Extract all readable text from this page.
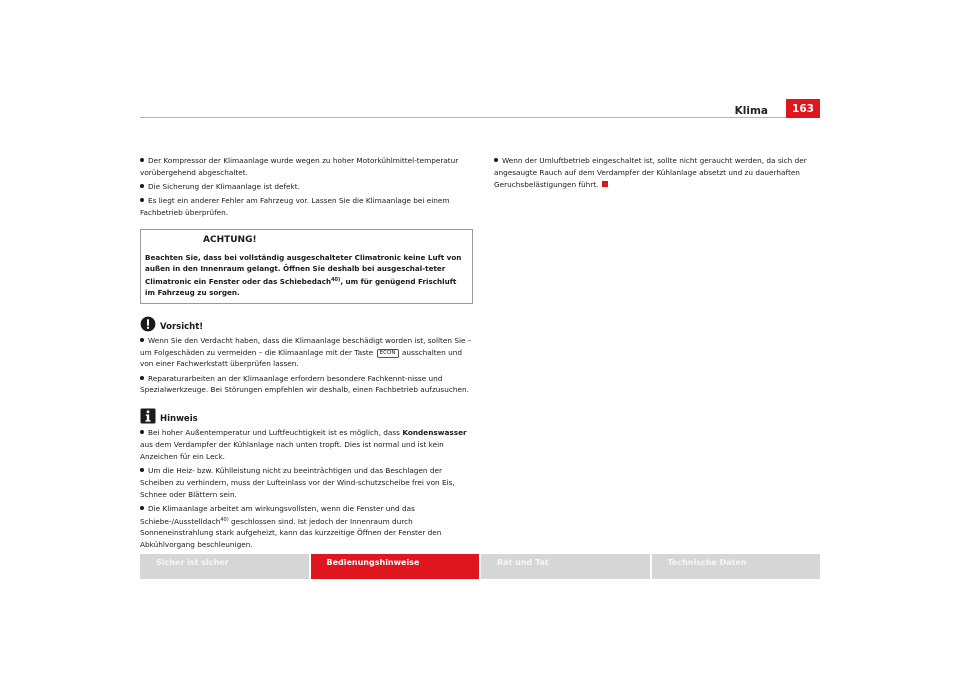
Klima	163

Der Kompressor der Klimaanlage wurde wegen zu hoher Motorkühlmittel-temperatur vorübergehend abgeschaltet.

Die Sicherung der Klimaanlage ist defekt.

Es liegt ein anderer Fehler am Fahrzeug vor. Lassen Sie die Klimaanlage bei einem Fachbetrieb überprüfen.

ACHTUNG!
Beachten Sie, dass bei vollständig ausgeschalteter Climatronic keine Luft von außen in den Innenraum gelangt. Öffnen Sie deshalb bei ausgeschal-teter Climatronic ein Fenster oder das Schiebedach$^{40)}$, um für genügend Frischluft im Fahrzeug zu sorgen.
Vorsicht!

Wenn Sie den Verdacht haben, dass die Klimaanlage beschädigt worden ist, sollten Sie – um Folgeschäden zu vermeiden – die Klimaanlage mit der Taste ECON ausschalten und von einer Fachwerkstatt überprüfen lassen.

Reparaturarbeiten an der Klimaanlage erfordern besondere Fachkennt-nisse und Spezialwerkzeuge. Bei Störungen empfehlen wir deshalb, einen Fachbetrieb aufzusuchen.

Hinweis

Bei hoher Außentemperatur und Luftfeuchtigkeit ist es möglich, dass Kondenswasser aus dem Verdampfer der Kühlanlage nach unten tropft. Dies ist normal und ist kein Anzeichen für ein Leck.

Um die Heiz- bzw. Kühlleistung nicht zu beeinträchtigen und das Beschlagen der Scheiben zu verhindern, muss der Lufteinlass vor der Wind-schutzscheibe frei von Eis, Schnee oder Blättern sein.

Die Klimaanlage arbeitet am wirkungsvollsten, wenn die Fenster und das Schiebe-/Ausstelldach$^{40)}$ geschlossen sind. Ist jedoch der Innenraum durch Sonneneinstrahlung stark aufgeheizt, kann das kurzzeitige Öffnen der Fenster den Abkühlvorgang beschleunigen.

Wenn der Umluftbetrieb eingeschaltet ist, sollte nicht geraucht werden, da sich der angesaugte Rauch auf dem Verdampfer der Kühlanlage absetzt und zu dauerhaften Geruchsbelästigungen führt.

Sicher ist sicher	Bedienungshinweise	Rat und Tat	Technische Daten
